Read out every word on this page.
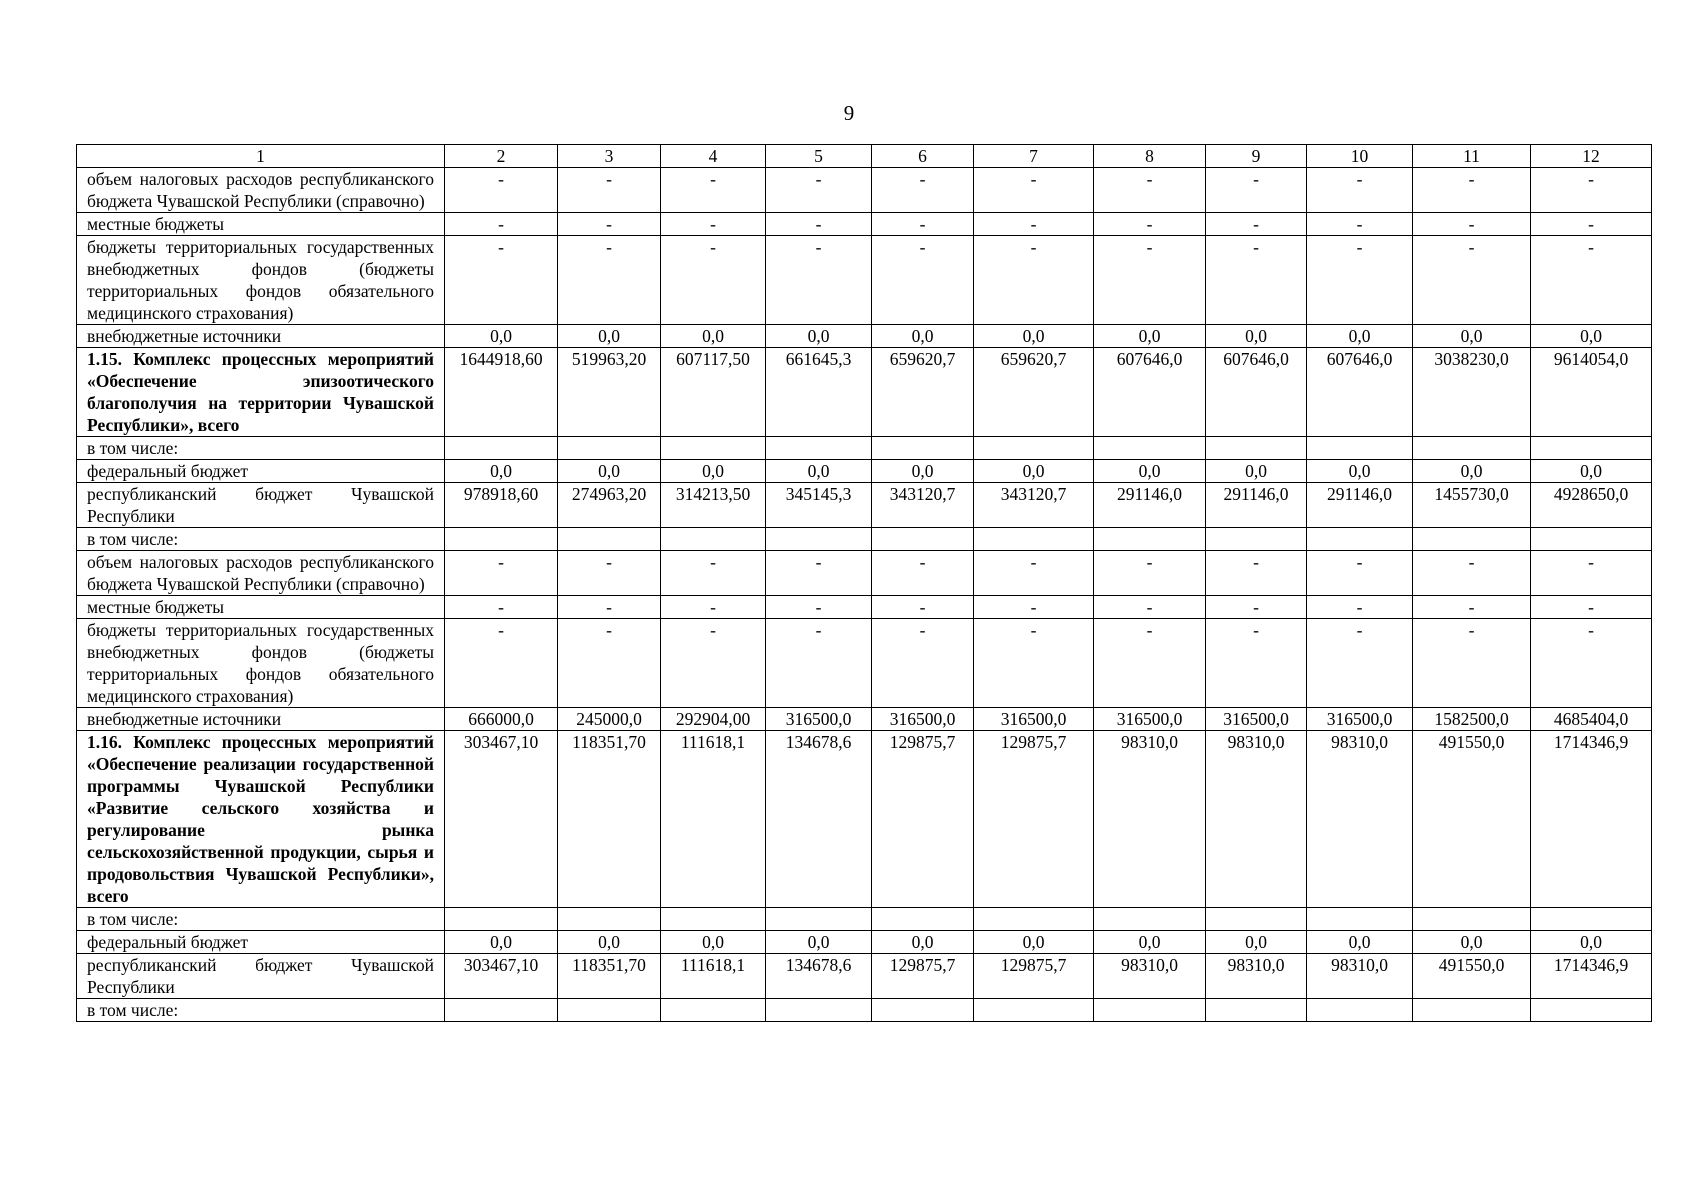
9
1	2	3	4	5	6	7	8	9	10	11	12
объем налоговых расходов республиканского бюджета Чувашской Республики (справочно)	-	-	-	-	-	-	-	-	-	-	-
местные бюджеты	-	-	-	-	-	-	-	-	-	-	-
бюджеты территориальных государственных внебюджетных фондов (бюджеты территориальных фондов обязательного медицинского страхования)	-	-	-	-	-	-	-	-	-	-	-
внебюджетные источники	0,0	0,0	0,0	0,0	0,0	0,0	0,0	0,0	0,0	0,0	0,0
1.15. Комплекс процессных мероприятий «Обеспечение эпизоотического благополучия на территории Чувашской Республики», всего	1644918,60	519963,20	607117,50	661645,3	659620,7	659620,7	607646,0	607646,0	607646,0	3038230,0	9614054,0
в том числе:											
федеральный бюджет	0,0	0,0	0,0	0,0	0,0	0,0	0,0	0,0	0,0	0,0	0,0
республиканский бюджет Чувашской Республики	978918,60	274963,20	314213,50	345145,3	343120,7	343120,7	291146,0	291146,0	291146,0	1455730,0	4928650,0
в том числе:											
объем налоговых расходов республиканского бюджета Чувашской Республики (справочно)	-	-	-	-	-	-	-	-	-	-	-
местные бюджеты	-	-	-	-	-	-	-	-	-	-	-
бюджеты территориальных государственных внебюджетных фондов (бюджеты территориальных фондов обязательного медицинского страхования)	-	-	-	-	-	-	-	-	-	-	-
внебюджетные источники	666000,0	245000,0	292904,00	316500,0	316500,0	316500,0	316500,0	316500,0	316500,0	1582500,0	4685404,0
1.16. Комплекс процессных мероприятий «Обеспечение реализации государственной программы Чувашской Республики «Развитие сельского хозяйства и регулирование рынка сельскохозяйственной продукции, сырья и продовольствия Чувашской Республики», всего	303467,10	118351,70	111618,1	134678,6	129875,7	129875,7	98310,0	98310,0	98310,0	491550,0	1714346,9
в том числе:											
федеральный бюджет	0,0	0,0	0,0	0,0	0,0	0,0	0,0	0,0	0,0	0,0	0,0
республиканский бюджет Чувашской Республики	303467,10	118351,70	111618,1	134678,6	129875,7	129875,7	98310,0	98310,0	98310,0	491550,0	1714346,9
в том числе:											
